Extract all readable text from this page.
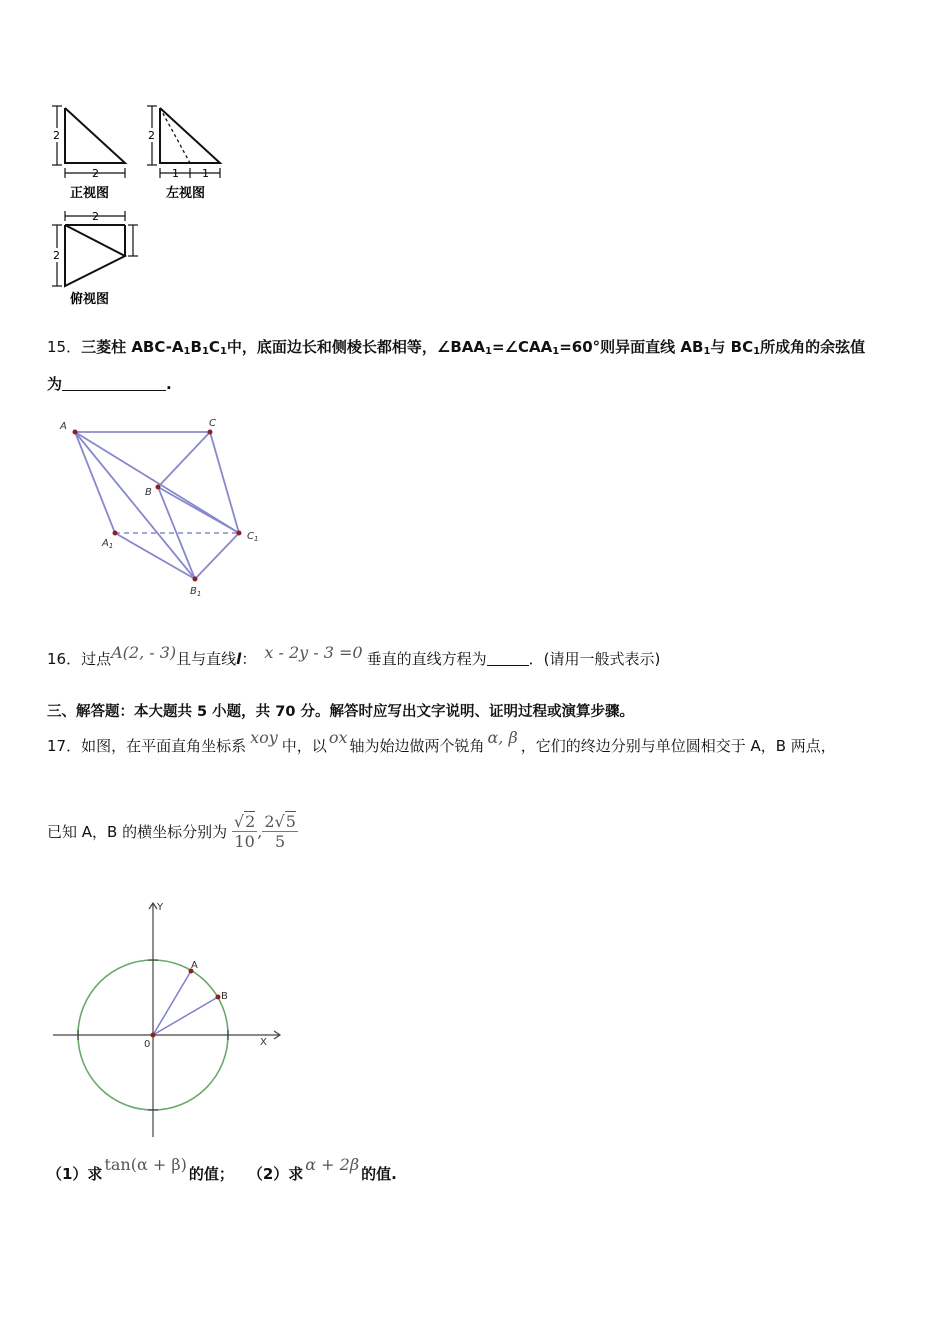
2
2
正视图
2
1 1
左视图
2
2
俯视图
15．三菱柱 ABC-$A_1B_1C_1$中，底面边长和侧棱长都相等，$\angle BAA_1=\angle CAA_1=60^\circ$则异面直线 $AB_1$与 $BC_1$所成角的余弦值
为	.
A	C
B
$A_1$
$C_1$
$B_1$
16．过点A(2, - 3)且与直线l： x - 2y - 3 =0 垂直的直线方程为	．(请用一般式表示)
三、解答题：本大题共 5 小题，共 70 分。解答时应写出文字说明、证明过程或演算步骤。
17．如图，在平面直角坐标系 xoy 中，以 ox 轴为始边做两个锐角 α, β ，它们的终边分别与单位圆相交于 A，B 两点，
已知 A，B 的横坐标分别为 $\frac{√2}{10}$ , $\frac{2√5}{5}$
Y
X
0
A
B
（1）求 tan(α + β) 的值； （2）求 α + 2β 的值.
